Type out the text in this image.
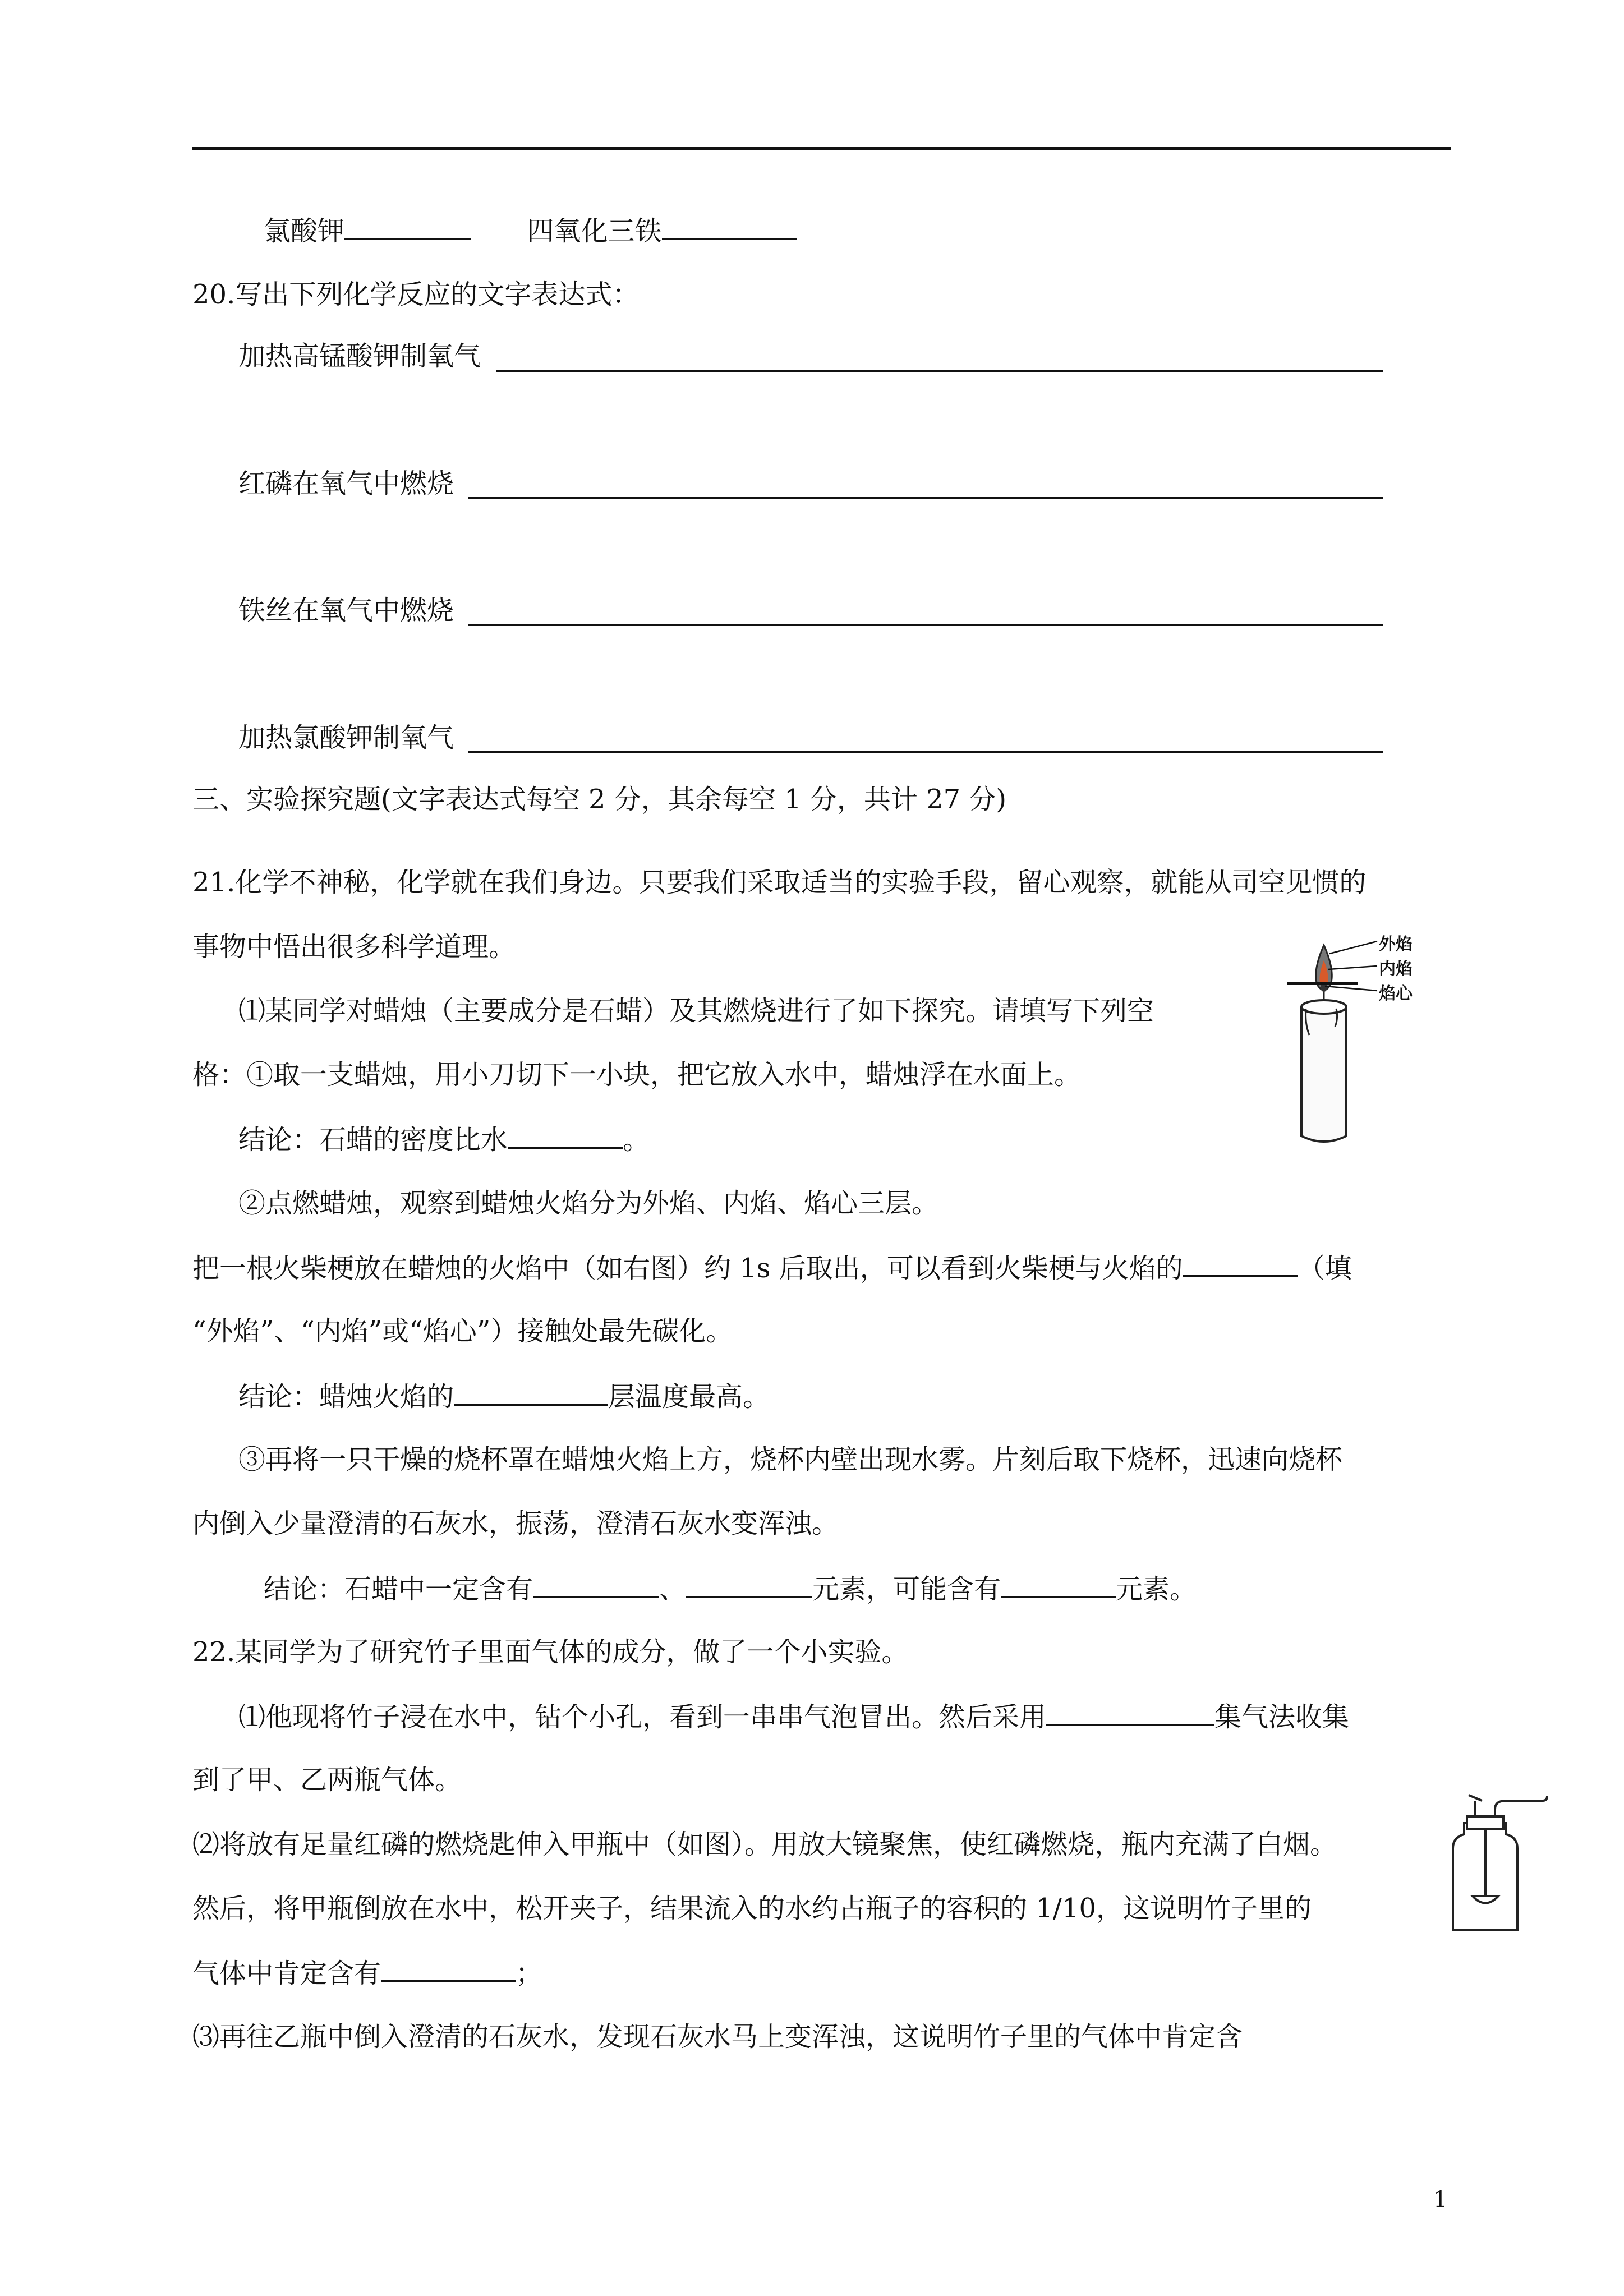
氯酸钾	四氧化三铁
20.写出下列化学反应的文字表达式：
加热高锰酸钾制氧气
红磷在氧气中燃烧
铁丝在氧气中燃烧
加热氯酸钾制氧气
三、实验探究题(文字表达式每空 2 分，其余每空 1 分，共计 27 分)
21.化学不神秘，化学就在我们身边。只要我们采取适当的实验手段，留心观察，就能从司空见惯的
事物中悟出很多科学道理。
⑴某同学对蜡烛（主要成分是石蜡）及其燃烧进行了如下探究。请填写下列空
格：①取一支蜡烛，用小刀切下一小块，把它放入水中，蜡烛浮在水面上。
结论：石蜡的密度比水	。
②点燃蜡烛，观察到蜡烛火焰分为外焰、内焰、焰心三层。
把一根火柴梗放在蜡烛的火焰中（如右图）约 1s 后取出，可以看到火柴梗与火焰的	（填
“外焰”、“内焰”或“焰心”）接触处最先碳化。
结论：蜡烛火焰的	层温度最高。
③再将一只干燥的烧杯罩在蜡烛火焰上方，烧杯内壁出现水雾。片刻后取下烧杯，迅速向烧杯
内倒入少量澄清的石灰水，振荡，澄清石灰水变浑浊。
结论：石蜡中一定含有	、	元素，可能含有	元素。
外焰
内焰
焰心
22.某同学为了研究竹子里面气体的成分，做了一个小实验。
⑴他现将竹子浸在水中，钻个小孔，看到一串串气泡冒出。然后采用	集气法收集
到了甲、乙两瓶气体。
⑵将放有足量红磷的燃烧匙伸入甲瓶中（如图）。用放大镜聚焦，使红磷燃烧，瓶内充满了白烟。
然后，将甲瓶倒放在水中，松开夹子，结果流入的水约占瓶子的容积的 1/10，这说明竹子里的
气体中肯定含有	；
⑶再往乙瓶中倒入澄清的石灰水，发现石灰水马上变浑浊，这说明竹子里的气体中肯定含
1
